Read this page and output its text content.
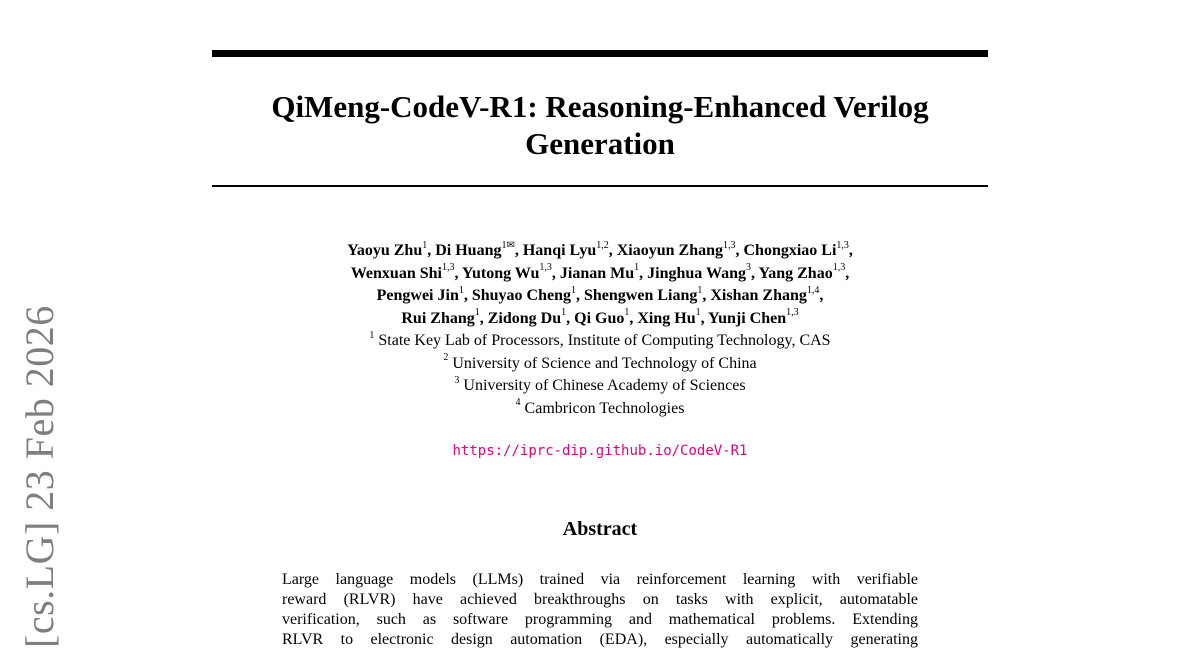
QiMeng-CodeV-R1: Reasoning-Enhanced Verilog
Generation
Yaoyu Zhu$^1$, Di Huang$^{1✉}$, Hanqi Lyu$^{1,2}$, Xiaoyun Zhang$^{1,3}$, Chongxiao Li$^{1,3}$,
Wenxuan Shi$^{1,3}$, Yutong Wu$^{1,3}$, Jianan Mu$^1$, Jinghua Wang$^3$, Yang Zhao$^{1,3}$,
Pengwei Jin$^1$, Shuyao Cheng$^1$, Shengwen Liang$^1$, Xishan Zhang$^{1,4}$,
Rui Zhang$^1$, Zidong Du$^1$, Qi Guo$^1$, Xing Hu$^1$, Yunji Chen$^{1,3}$
$^1$ State Key Lab of Processors, Institute of Computing Technology, CAS
$^2$ University of Science and Technology of China
$^3$ University of Chinese Academy of Sciences
$^4$ Cambricon Technologies
https://iprc-dip.github.io/CodeV-R1
Abstract
Large language models (LLMs) trained via reinforcement learning with verifiable
reward (RLVR) have achieved breakthroughs on tasks with explicit, automatable
verification, such as software programming and mathematical problems. Extending
RLVR to electronic design automation (EDA), especially automatically generating
[cs.LG] 23 Feb 2026
